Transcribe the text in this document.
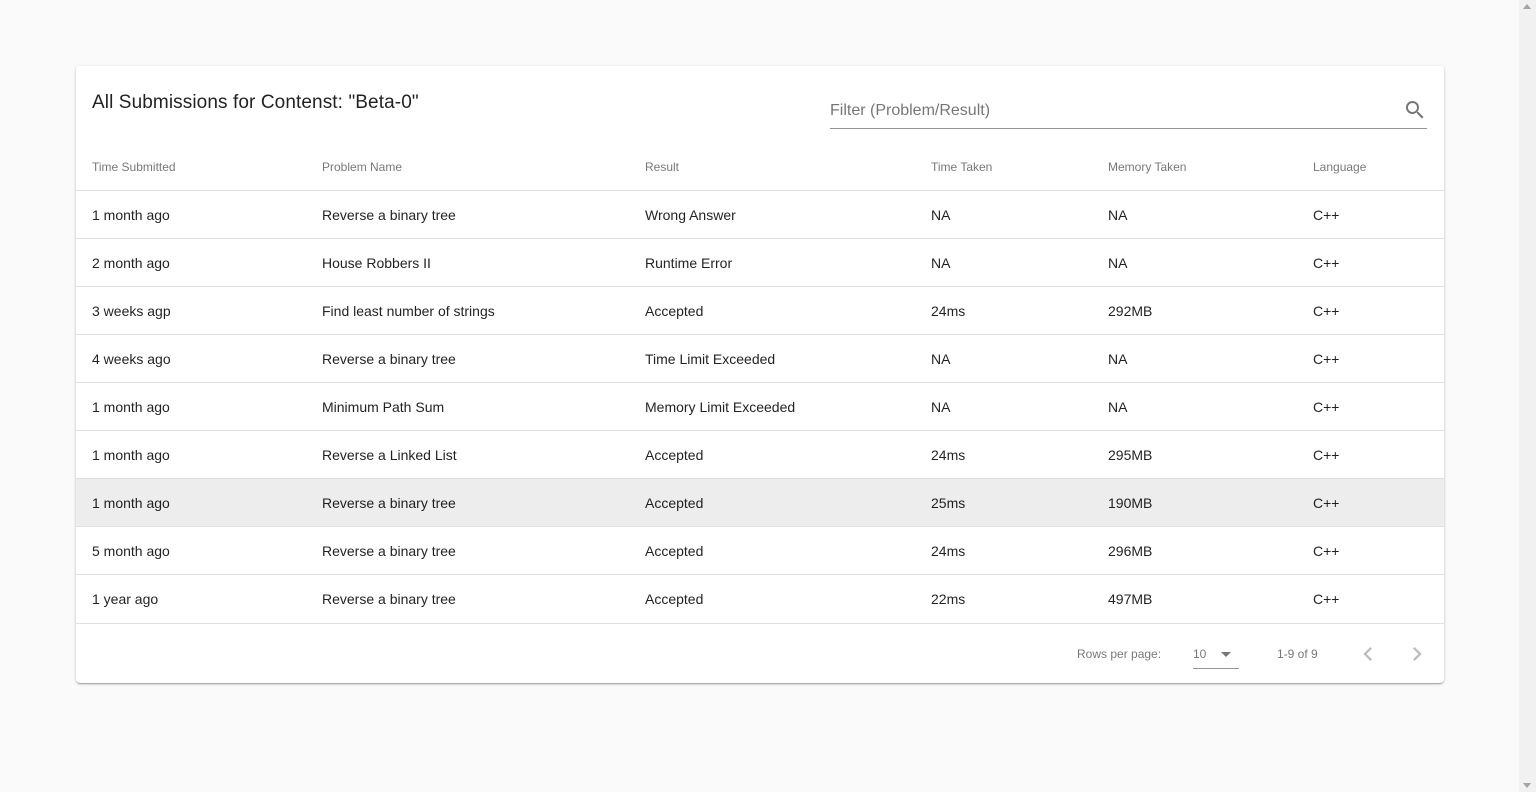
All Submissions for Contenst: "Beta-0"
Filter (Problem/Result)
Time Submitted	Problem Name	Result	Time Taken	Memory Taken	Language
1 month ago	Reverse a binary tree	Wrong Answer	NA	NA	C++
2 month ago	House Robbers II	Runtime Error	NA	NA	C++
3 weeks agp	Find least number of strings	Accepted	24ms	292MB	C++
4 weeks ago	Reverse a binary tree	Time Limit Exceeded	NA	NA	C++
1 month ago	Minimum Path Sum	Memory Limit Exceeded	NA	NA	C++
1 month ago	Reverse a Linked List	Accepted	24ms	295MB	C++
1 month ago	Reverse a binary tree	Accepted	25ms	190MB	C++
5 month ago	Reverse a binary tree	Accepted	24ms	296MB	C++
1 year ago	Reverse a binary tree	Accepted	22ms	497MB	C++
Rows per page:	10	1-9 of 9
